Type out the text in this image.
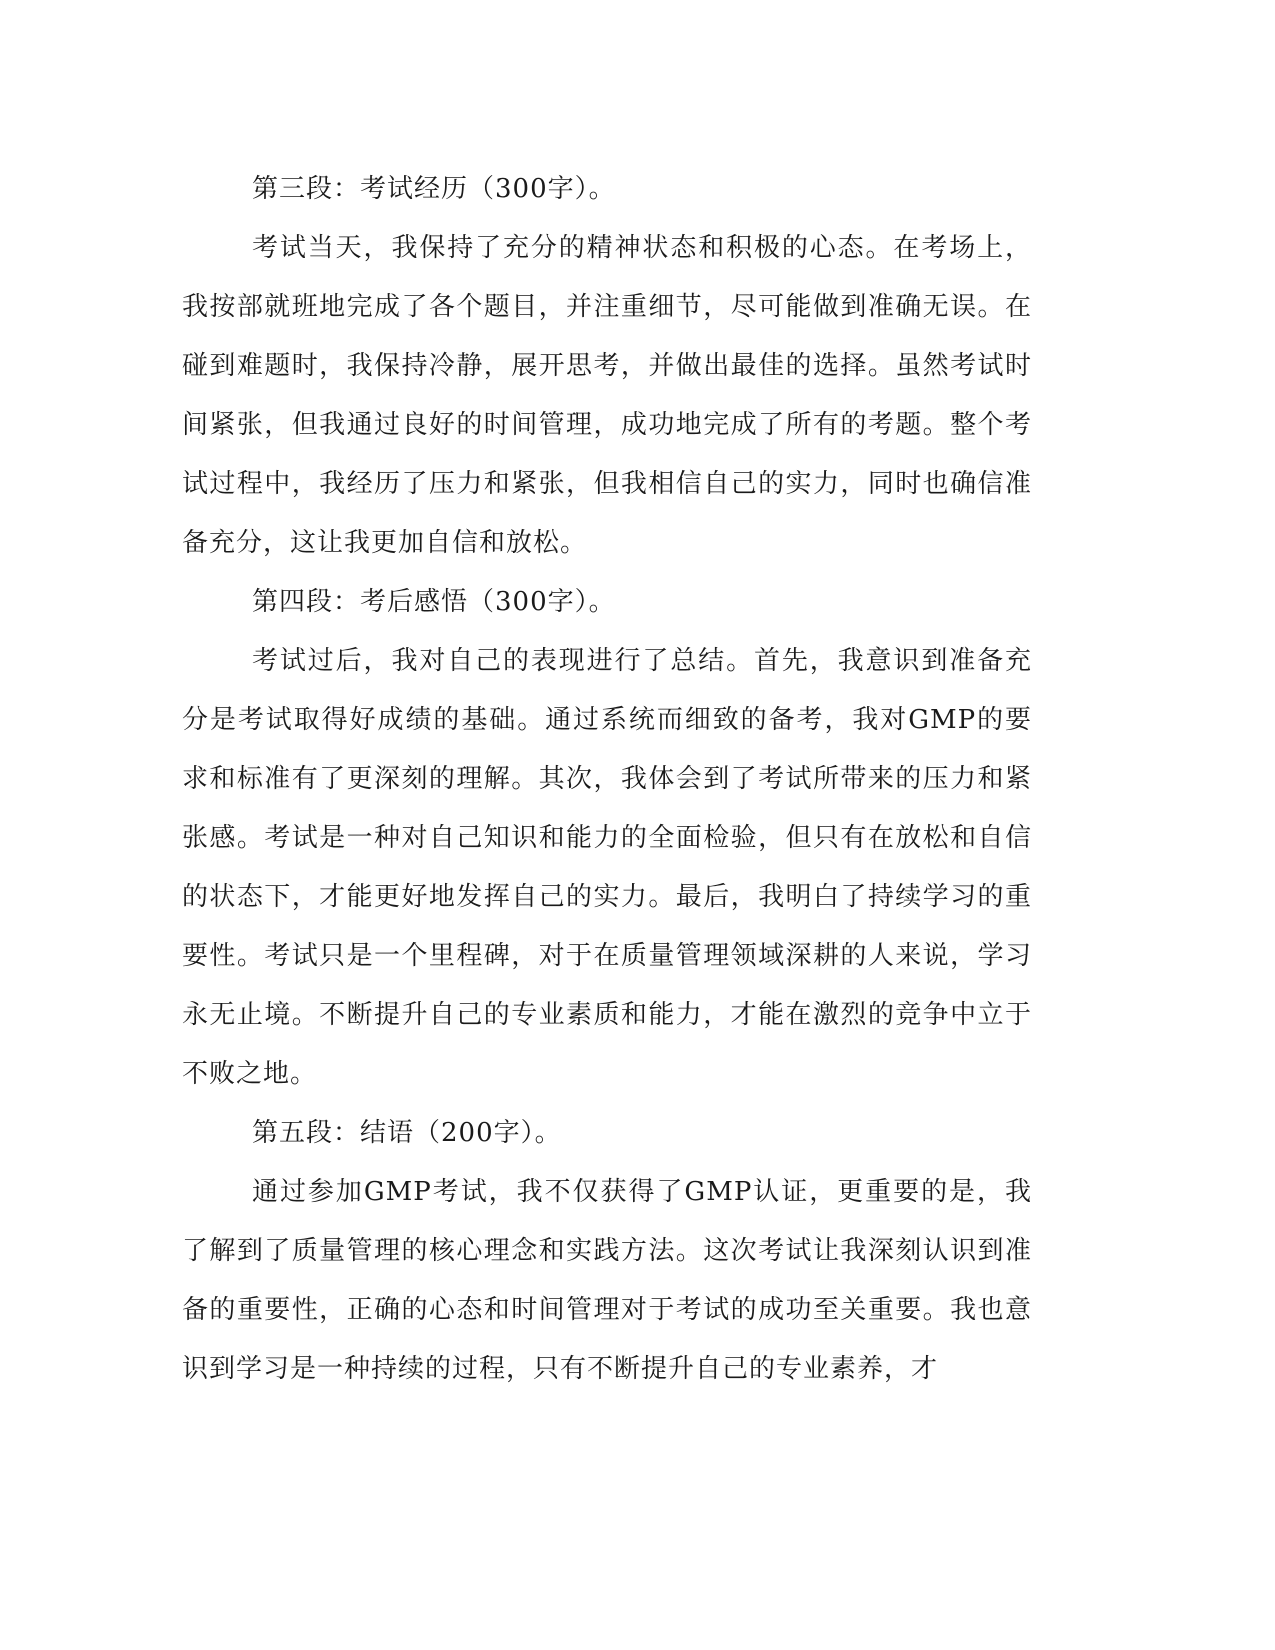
第三段：考试经历（300字）。

考试当天，我保持了充分的精神状态和积极的心态。在考场上，我按部就班地完成了各个题目，并注重细节，尽可能做到准确无误。在碰到难题时，我保持冷静，展开思考，并做出最佳的选择。虽然考试时间紧张，但我通过良好的时间管理，成功地完成了所有的考题。整个考试过程中，我经历了压力和紧张，但我相信自己的实力，同时也确信准备充分，这让我更加自信和放松。

第四段：考后感悟（300字）。

考试过后，我对自己的表现进行了总结。首先，我意识到准备充分是考试取得好成绩的基础。通过系统而细致的备考，我对GMP的要求和标准有了更深刻的理解。其次，我体会到了考试所带来的压力和紧张感。考试是一种对自己知识和能力的全面检验，但只有在放松和自信的状态下，才能更好地发挥自己的实力。最后，我明白了持续学习的重要性。考试只是一个里程碑，对于在质量管理领域深耕的人来说，学习永无止境。不断提升自己的专业素质和能力，才能在激烈的竞争中立于不败之地。

第五段：结语（200字）。

通过参加GMP考试，我不仅获得了GMP认证，更重要的是，我了解到了质量管理的核心理念和实践方法。这次考试让我深刻认识到准备的重要性，正确的心态和时间管理对于考试的成功至关重要。我也意识到学习是一种持续的过程，只有不断提升自己的专业素养，才
